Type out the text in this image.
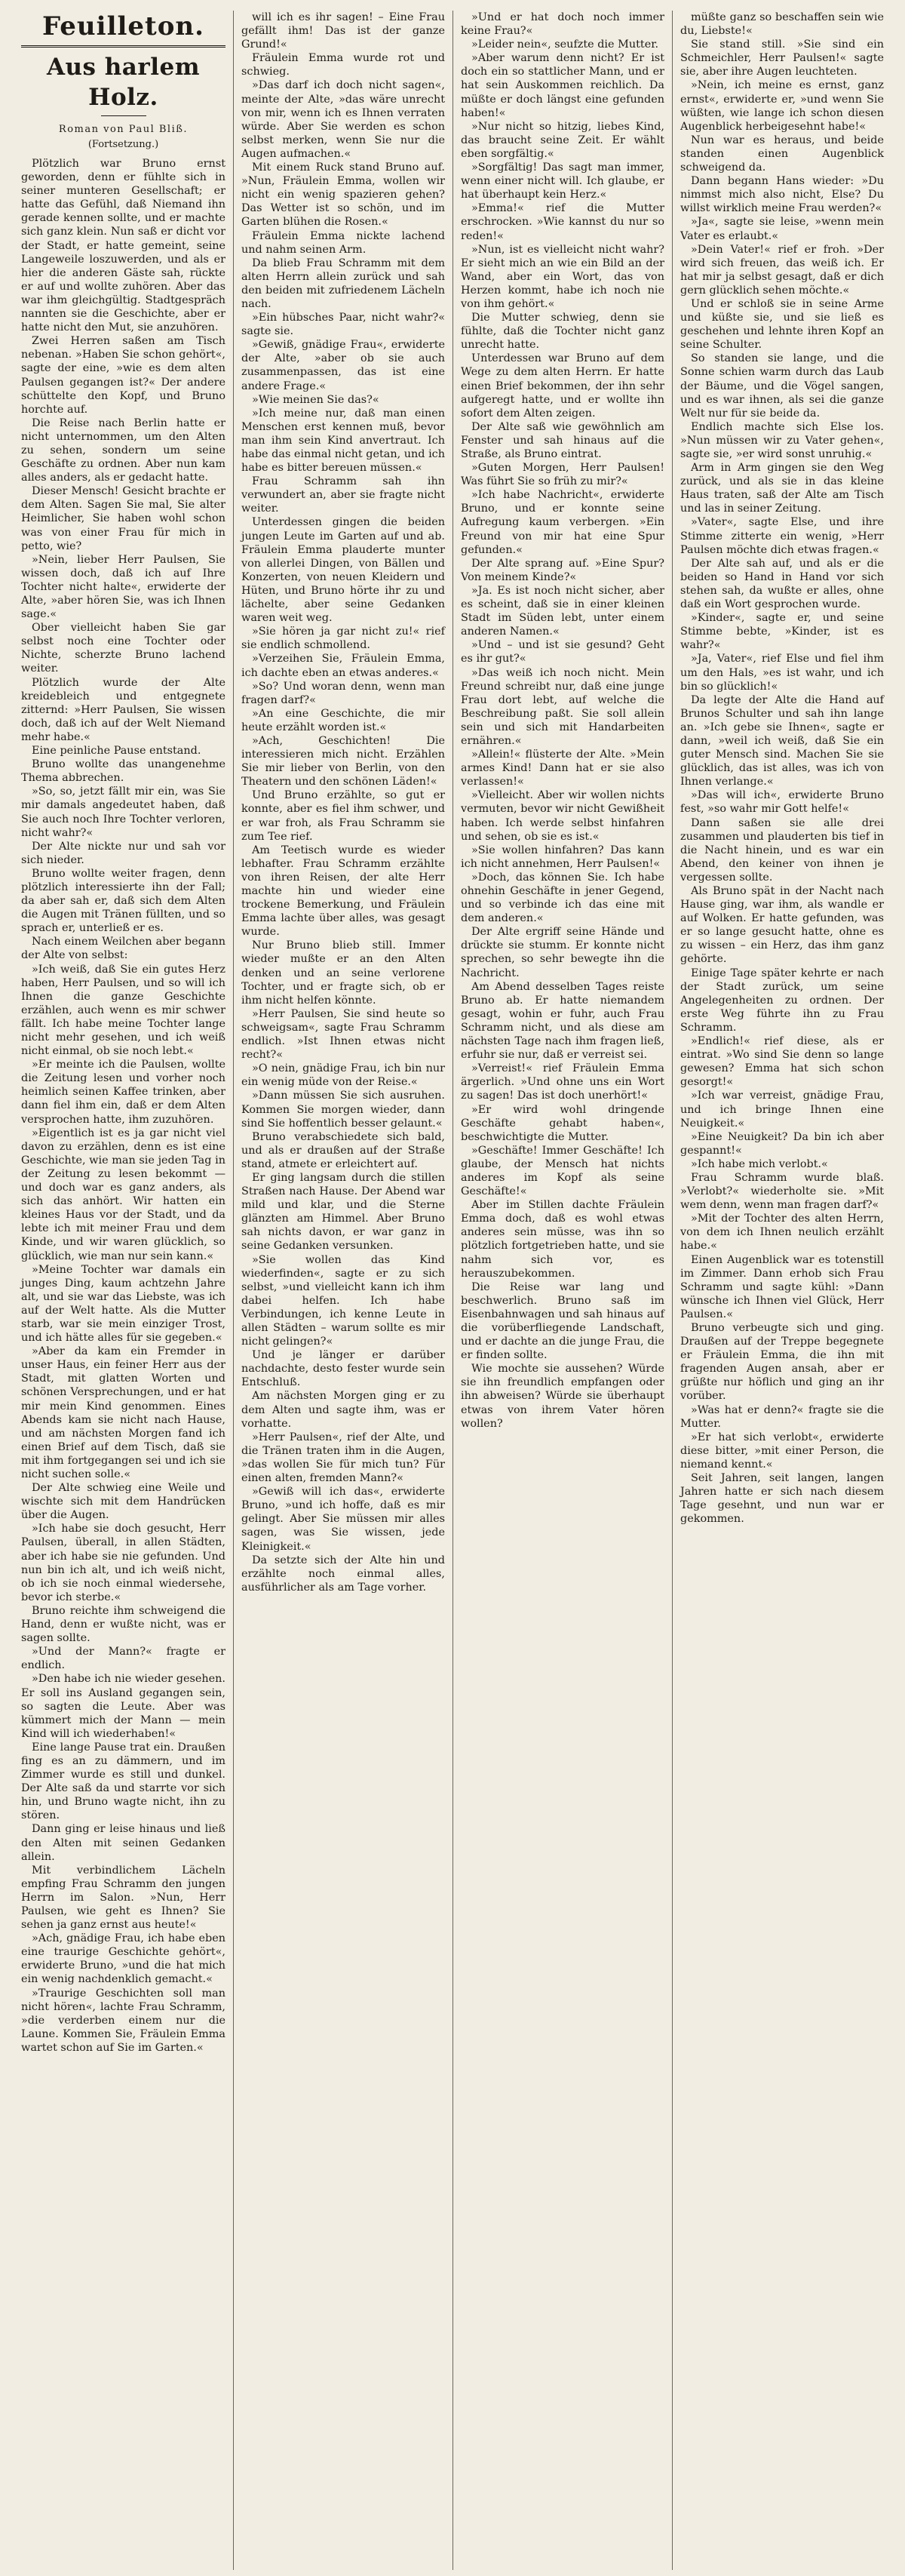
Feuilleton.
Aus harlem Holz.
Roman von Paul Bliß.
(Fortsetzung.)

Plötzlich war Bruno ernst geworden, denn er fühlte sich in seiner munteren Gesellschaft; er hatte das Gefühl, daß Niemand ihn gerade kennen sollte, und er machte sich ganz klein. Nun saß er dicht vor der Stadt, er hatte gemeint, seine Langeweile loszuwerden, und als er hier die anderen Gäste sah, rückte er auf und wollte zuhören. Aber das war ihm gleichgültig. Stadtgespräch nannten sie die Geschichte, aber er hatte nicht den Mut, sie anzuhören.

Zwei Herren saßen am Tisch nebenan. »Haben Sie schon gehört«, sagte der eine, »wie es dem alten Paulsen gegangen ist?« Der andere schüttelte den Kopf, und Bruno horchte auf.

Die Reise nach Berlin hatte er nicht unternommen, um den Alten zu sehen, sondern um seine Geschäfte zu ordnen. Aber nun kam alles anders, als er gedacht hatte.

Dieser Mensch! Gesicht brachte er dem Alten. Sagen Sie mal, Sie alter Heimlicher, Sie haben wohl schon was von einer Frau für mich in petto, wie?

»Nein, lieber Herr Paulsen, Sie wissen doch, daß ich auf Ihre Tochter nicht halte«, erwiderte der Alte, »aber hören Sie, was ich Ihnen sage.«

Ober vielleicht haben Sie gar selbst noch eine Tochter oder Nichte, scherzte Bruno lachend weiter.

Plötzlich wurde der Alte kreidebleich und entgegnete zitternd: »Herr Paulsen, Sie wissen doch, daß ich auf der Welt Niemand mehr habe.«

Eine peinliche Pause entstand.

Bruno wollte das unangenehme Thema abbrechen.

»So, so, jetzt fällt mir ein, was Sie mir damals angedeutet haben, daß Sie auch noch Ihre Tochter verloren, nicht wahr?«

Der Alte nickte nur und sah vor sich nieder.

Bruno wollte weiter fragen, denn plötzlich interessierte ihn der Fall; da aber sah er, daß sich dem Alten die Augen mit Tränen füllten, und so sprach er, unterließ er es.

Nach einem Weilchen aber begann der Alte von selbst:

»Ich weiß, daß Sie ein gutes Herz haben, Herr Paulsen, und so will ich Ihnen die ganze Geschichte erzählen, auch wenn es mir schwer fällt. Ich habe meine Tochter lange nicht mehr gesehen, und ich weiß nicht einmal, ob sie noch lebt.«

»Er meinte ich die Paulsen, wollte die Zeitung lesen und vorher noch heimlich seinen Kaffee trinken, aber dann fiel ihm ein, daß er dem Alten versprochen hatte, ihm zuzuhören.

»Eigentlich ist es ja gar nicht viel davon zu erzählen, denn es ist eine Geschichte, wie man sie jeden Tag in der Zeitung zu lesen bekommt — und doch war es ganz anders, als sich das anhört. Wir hatten ein kleines Haus vor der Stadt, und da lebte ich mit meiner Frau und dem Kinde, und wir waren glücklich, so glücklich, wie man nur sein kann.«

»Meine Tochter war damals ein junges Ding, kaum achtzehn Jahre alt, und sie war das Liebste, was ich auf der Welt hatte. Als die Mutter starb, war sie mein einziger Trost, und ich hätte alles für sie gegeben.«

»Aber da kam ein Fremder in unser Haus, ein feiner Herr aus der Stadt, mit glatten Worten und schönen Versprechungen, und er hat mir mein Kind genommen. Eines Abends kam sie nicht nach Hause, und am nächsten Morgen fand ich einen Brief auf dem Tisch, daß sie mit ihm fortgegangen sei und ich sie nicht suchen solle.«

Der Alte schwieg eine Weile und wischte sich mit dem Handrücken über die Augen.

»Ich habe sie doch gesucht, Herr Paulsen, überall, in allen Städten, aber ich habe sie nie gefunden. Und nun bin ich alt, und ich weiß nicht, ob ich sie noch einmal wiedersehe, bevor ich sterbe.«

Bruno reichte ihm schweigend die Hand, denn er wußte nicht, was er sagen sollte.

»Und der Mann?« fragte er endlich.

»Den habe ich nie wieder gesehen. Er soll ins Ausland gegangen sein, so sagten die Leute. Aber was kümmert mich der Mann — mein Kind will ich wiederhaben!«

Eine lange Pause trat ein. Draußen fing es an zu dämmern, und im Zimmer wurde es still und dunkel. Der Alte saß da und starrte vor sich hin, und Bruno wagte nicht, ihn zu stören.

Dann ging er leise hinaus und ließ den Alten mit seinen Gedanken allein.

Mit verbindlichem Lächeln empfing Frau Schramm den jungen Herrn im Salon. »Nun, Herr Paulsen, wie geht es Ihnen? Sie sehen ja ganz ernst aus heute!«

»Ach, gnädige Frau, ich habe eben eine traurige Geschichte gehört«, erwiderte Bruno, »und die hat mich ein wenig nachdenklich gemacht.«

»Traurige Geschichten soll man nicht hören«, lachte Frau Schramm, »die verderben einem nur die Laune. Kommen Sie, Fräulein Emma wartet schon auf Sie im Garten.«

will ich es ihr sagen! – Eine Frau gefällt ihm! Das ist der ganze Grund!«

Fräulein Emma wurde rot und schwieg.

»Das darf ich doch nicht sagen«, meinte der Alte, »das wäre unrecht von mir, wenn ich es Ihnen verraten würde. Aber Sie werden es schon selbst merken, wenn Sie nur die Augen aufmachen.«

Mit einem Ruck stand Bruno auf. »Nun, Fräulein Emma, wollen wir nicht ein wenig spazieren gehen? Das Wetter ist so schön, und im Garten blühen die Rosen.«

Fräulein Emma nickte lachend und nahm seinen Arm.

Da blieb Frau Schramm mit dem alten Herrn allein zurück und sah den beiden mit zufriedenem Lächeln nach.

»Ein hübsches Paar, nicht wahr?« sagte sie.

»Gewiß, gnädige Frau«, erwiderte der Alte, »aber ob sie auch zusammenpassen, das ist eine andere Frage.«

»Wie meinen Sie das?«

»Ich meine nur, daß man einen Menschen erst kennen muß, bevor man ihm sein Kind anvertraut. Ich habe das einmal nicht getan, und ich habe es bitter bereuen müssen.«

Frau Schramm sah ihn verwundert an, aber sie fragte nicht weiter.

Unterdessen gingen die beiden jungen Leute im Garten auf und ab. Fräulein Emma plauderte munter von allerlei Dingen, von Bällen und Konzerten, von neuen Kleidern und Hüten, und Bruno hörte ihr zu und lächelte, aber seine Gedanken waren weit weg.

»Sie hören ja gar nicht zu!« rief sie endlich schmollend.

»Verzeihen Sie, Fräulein Emma, ich dachte eben an etwas anderes.«

»So? Und woran denn, wenn man fragen darf?«

»An eine Geschichte, die mir heute erzählt worden ist.«

»Ach, Geschichten! Die interessieren mich nicht. Erzählen Sie mir lieber von Berlin, von den Theatern und den schönen Läden!«

Und Bruno erzählte, so gut er konnte, aber es fiel ihm schwer, und er war froh, als Frau Schramm sie zum Tee rief.

Am Teetisch wurde es wieder lebhafter. Frau Schramm erzählte von ihren Reisen, der alte Herr machte hin und wieder eine trockene Bemerkung, und Fräulein Emma lachte über alles, was gesagt wurde.

Nur Bruno blieb still. Immer wieder mußte er an den Alten denken und an seine verlorene Tochter, und er fragte sich, ob er ihm nicht helfen könnte.

»Herr Paulsen, Sie sind heute so schweigsam«, sagte Frau Schramm endlich. »Ist Ihnen etwas nicht recht?«

»O nein, gnädige Frau, ich bin nur ein wenig müde von der Reise.«

»Dann müssen Sie sich ausruhen. Kommen Sie morgen wieder, dann sind Sie hoffentlich besser gelaunt.«

Bruno verabschiedete sich bald, und als er draußen auf der Straße stand, atmete er erleichtert auf.

Er ging langsam durch die stillen Straßen nach Hause. Der Abend war mild und klar, und die Sterne glänzten am Himmel. Aber Bruno sah nichts davon, er war ganz in seine Gedanken versunken.

»Sie wollen das Kind wiederfinden«, sagte er zu sich selbst, »und vielleicht kann ich ihm dabei helfen. Ich habe Verbindungen, ich kenne Leute in allen Städten – warum sollte es mir nicht gelingen?«

Und je länger er darüber nachdachte, desto fester wurde sein Entschluß.

Am nächsten Morgen ging er zu dem Alten und sagte ihm, was er vorhatte.

»Herr Paulsen«, rief der Alte, und die Tränen traten ihm in die Augen, »das wollen Sie für mich tun? Für einen alten, fremden Mann?«

»Gewiß will ich das«, erwiderte Bruno, »und ich hoffe, daß es mir gelingt. Aber Sie müssen mir alles sagen, was Sie wissen, jede Kleinigkeit.«

Da setzte sich der Alte hin und erzählte noch einmal alles, ausführlicher als am Tage vorher.

»Und er hat doch noch immer keine Frau?«

»Leider nein«, seufzte die Mutter.

»Aber warum denn nicht? Er ist doch ein so stattlicher Mann, und er hat sein Auskommen reichlich. Da müßte er doch längst eine gefunden haben!«

»Nur nicht so hitzig, liebes Kind, das braucht seine Zeit. Er wählt eben sorgfältig.«

»Sorgfältig! Das sagt man immer, wenn einer nicht will. Ich glaube, er hat überhaupt kein Herz.«

»Emma!« rief die Mutter erschrocken. »Wie kannst du nur so reden!«

»Nun, ist es vielleicht nicht wahr? Er sieht mich an wie ein Bild an der Wand, aber ein Wort, das von Herzen kommt, habe ich noch nie von ihm gehört.«

Die Mutter schwieg, denn sie fühlte, daß die Tochter nicht ganz unrecht hatte.

Unterdessen war Bruno auf dem Wege zu dem alten Herrn. Er hatte einen Brief bekommen, der ihn sehr aufgeregt hatte, und er wollte ihn sofort dem Alten zeigen.

Der Alte saß wie gewöhnlich am Fenster und sah hinaus auf die Straße, als Bruno eintrat.

»Guten Morgen, Herr Paulsen! Was führt Sie so früh zu mir?«

»Ich habe Nachricht«, erwiderte Bruno, und er konnte seine Aufregung kaum verbergen. »Ein Freund von mir hat eine Spur gefunden.«

Der Alte sprang auf. »Eine Spur? Von meinem Kinde?«

»Ja. Es ist noch nicht sicher, aber es scheint, daß sie in einer kleinen Stadt im Süden lebt, unter einem anderen Namen.«

»Und – und ist sie gesund? Geht es ihr gut?«

»Das weiß ich noch nicht. Mein Freund schreibt nur, daß eine junge Frau dort lebt, auf welche die Beschreibung paßt. Sie soll allein sein und sich mit Handarbeiten ernähren.«

»Allein!« flüsterte der Alte. »Mein armes Kind! Dann hat er sie also verlassen!«

»Vielleicht. Aber wir wollen nichts vermuten, bevor wir nicht Gewißheit haben. Ich werde selbst hinfahren und sehen, ob sie es ist.«

»Sie wollen hinfahren? Das kann ich nicht annehmen, Herr Paulsen!«

»Doch, das können Sie. Ich habe ohnehin Geschäfte in jener Gegend, und so verbinde ich das eine mit dem anderen.«

Der Alte ergriff seine Hände und drückte sie stumm. Er konnte nicht sprechen, so sehr bewegte ihn die Nachricht.

Am Abend desselben Tages reiste Bruno ab. Er hatte niemandem gesagt, wohin er fuhr, auch Frau Schramm nicht, und als diese am nächsten Tage nach ihm fragen ließ, erfuhr sie nur, daß er verreist sei.

»Verreist!« rief Fräulein Emma ärgerlich. »Und ohne uns ein Wort zu sagen! Das ist doch unerhört!«

»Er wird wohl dringende Geschäfte gehabt haben«, beschwichtigte die Mutter.

»Geschäfte! Immer Geschäfte! Ich glaube, der Mensch hat nichts anderes im Kopf als seine Geschäfte!«

Aber im Stillen dachte Fräulein Emma doch, daß es wohl etwas anderes sein müsse, was ihn so plötzlich fortgetrieben hatte, und sie nahm sich vor, es herauszubekommen.

Die Reise war lang und beschwerlich. Bruno saß im Eisenbahnwagen und sah hinaus auf die vorüberfliegende Landschaft, und er dachte an die junge Frau, die er finden sollte.

Wie mochte sie aussehen? Würde sie ihn freundlich empfangen oder ihn abweisen? Würde sie überhaupt etwas von ihrem Vater hören wollen?

müßte ganz so beschaffen sein wie du, Liebste!«

Sie stand still. »Sie sind ein Schmeichler, Herr Paulsen!« sagte sie, aber ihre Augen leuchteten.

»Nein, ich meine es ernst, ganz ernst«, erwiderte er, »und wenn Sie wüßten, wie lange ich schon diesen Augenblick herbeigesehnt habe!«

Nun war es heraus, und beide standen einen Augenblick schweigend da.

Dann begann Hans wieder: »Du nimmst mich also nicht, Else? Du willst wirklich meine Frau werden?«

»Ja«, sagte sie leise, »wenn mein Vater es erlaubt.«

»Dein Vater!« rief er froh. »Der wird sich freuen, das weiß ich. Er hat mir ja selbst gesagt, daß er dich gern glücklich sehen möchte.«

Und er schloß sie in seine Arme und küßte sie, und sie ließ es geschehen und lehnte ihren Kopf an seine Schulter.

So standen sie lange, und die Sonne schien warm durch das Laub der Bäume, und die Vögel sangen, und es war ihnen, als sei die ganze Welt nur für sie beide da.

Endlich machte sich Else los. »Nun müssen wir zu Vater gehen«, sagte sie, »er wird sonst unruhig.«

Arm in Arm gingen sie den Weg zurück, und als sie in das kleine Haus traten, saß der Alte am Tisch und las in seiner Zeitung.

»Vater«, sagte Else, und ihre Stimme zitterte ein wenig, »Herr Paulsen möchte dich etwas fragen.«

Der Alte sah auf, und als er die beiden so Hand in Hand vor sich stehen sah, da wußte er alles, ohne daß ein Wort gesprochen wurde.

»Kinder«, sagte er, und seine Stimme bebte, »Kinder, ist es wahr?«

»Ja, Vater«, rief Else und fiel ihm um den Hals, »es ist wahr, und ich bin so glücklich!«

Da legte der Alte die Hand auf Brunos Schulter und sah ihn lange an. »Ich gebe sie Ihnen«, sagte er dann, »weil ich weiß, daß Sie ein guter Mensch sind. Machen Sie sie glücklich, das ist alles, was ich von Ihnen verlange.«

»Das will ich«, erwiderte Bruno fest, »so wahr mir Gott helfe!«

Dann saßen sie alle drei zusammen und plauderten bis tief in die Nacht hinein, und es war ein Abend, den keiner von ihnen je vergessen sollte.

Als Bruno spät in der Nacht nach Hause ging, war ihm, als wandle er auf Wolken. Er hatte gefunden, was er so lange gesucht hatte, ohne es zu wissen – ein Herz, das ihm ganz gehörte.

Einige Tage später kehrte er nach der Stadt zurück, um seine Angelegenheiten zu ordnen. Der erste Weg führte ihn zu Frau Schramm.

»Endlich!« rief diese, als er eintrat. »Wo sind Sie denn so lange gewesen? Emma hat sich schon gesorgt!«

»Ich war verreist, gnädige Frau, und ich bringe Ihnen eine Neuigkeit.«

»Eine Neuigkeit? Da bin ich aber gespannt!«

»Ich habe mich verlobt.«

Frau Schramm wurde blaß. »Verlobt?« wiederholte sie. »Mit wem denn, wenn man fragen darf?«

»Mit der Tochter des alten Herrn, von dem ich Ihnen neulich erzählt habe.«

Einen Augenblick war es totenstill im Zimmer. Dann erhob sich Frau Schramm und sagte kühl: »Dann wünsche ich Ihnen viel Glück, Herr Paulsen.«

Bruno verbeugte sich und ging. Draußen auf der Treppe begegnete er Fräulein Emma, die ihn mit fragenden Augen ansah, aber er grüßte nur höflich und ging an ihr vorüber.

»Was hat er denn?« fragte sie die Mutter.

»Er hat sich verlobt«, erwiderte diese bitter, »mit einer Person, die niemand kennt.«

Seit Jahren, seit langen, langen Jahren hatte er sich nach diesem Tage gesehnt, und nun war er gekommen.
